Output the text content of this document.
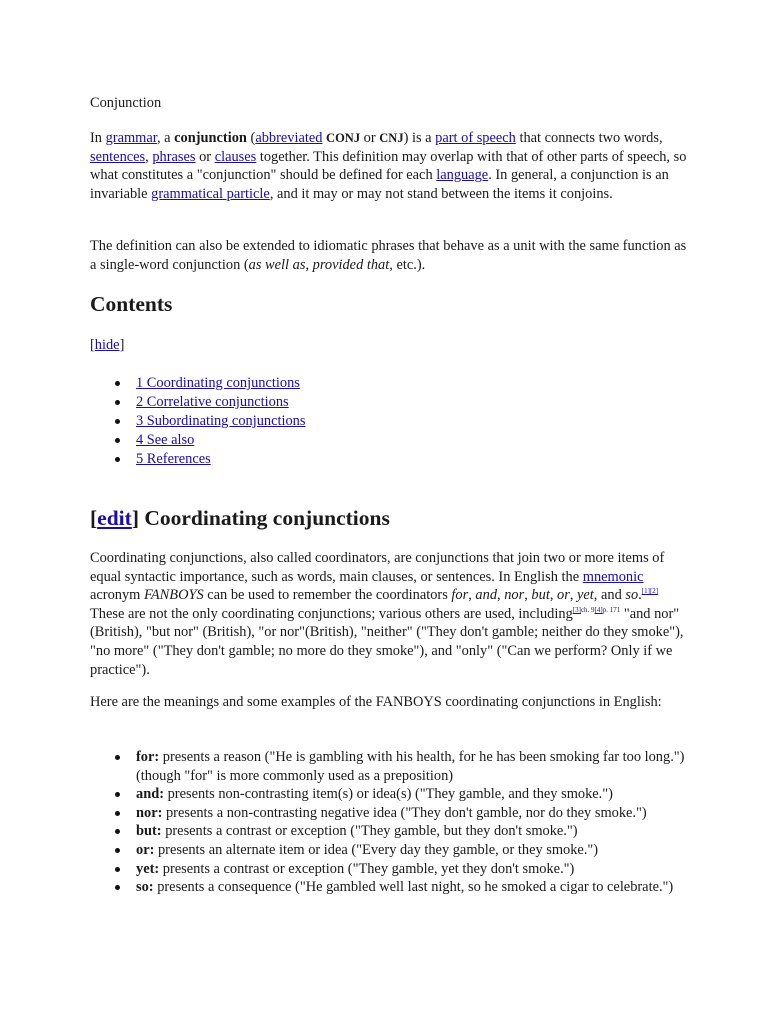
Conjunction

In grammar, a conjunction (abbreviated CONJ or CNJ) is a part of speech that connects two words, sentences, phrases or clauses together. This definition may overlap with that of other parts of speech, so what constitutes a "conjunction" should be defined for each language. In general, a conjunction is an invariable grammatical particle, and it may or may not stand between the items it conjoins.

The definition can also be extended to idiomatic phrases that behave as a unit with the same function as a single-word conjunction (as well as, provided that, etc.).

Contents

[hide]

1 Coordinating conjunctions
2 Correlative conjunctions
3 Subordinating conjunctions
4 See also
5 References
[edit] Coordinating conjunctions

Coordinating conjunctions, also called coordinators, are conjunctions that join two or more items of equal syntactic importance, such as words, main clauses, or sentences. In English the mnemonic acronym FANBOYS can be used to remember the coordinators for, and, nor, but, or, yet, and so.[1][2] These are not the only coordinating conjunctions; various others are used, including$^{[3]ch. 9[4]p. 171}$ "and nor" (British), "but nor" (British), "or nor"(British), "neither" ("They don't gamble; neither do they smoke"), "no more" ("They don't gamble; no more do they smoke"), and "only" ("Can we perform? Only if we practice").

Here are the meanings and some examples of the FANBOYS coordinating conjunctions in English:

for: presents a reason ("He is gambling with his health, for he has been smoking far too long.") (though "for" is more commonly used as a preposition)
and: presents non-contrasting item(s) or idea(s) ("They gamble, and they smoke.")
nor: presents a non-contrasting negative idea ("They don't gamble, nor do they smoke.")
but: presents a contrast or exception ("They gamble, but they don't smoke.")
or: presents an alternate item or idea ("Every day they gamble, or they smoke.")
yet: presents a contrast or exception ("They gamble, yet they don't smoke.")
so: presents a consequence ("He gambled well last night, so he smoked a cigar to celebrate.")
